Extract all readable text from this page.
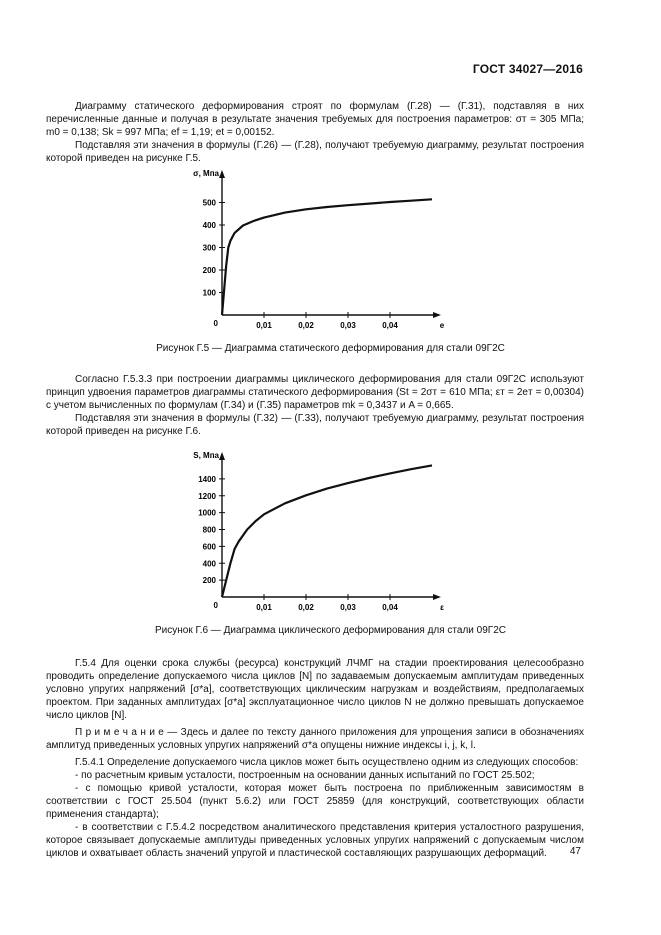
ГОСТ 34027—2016

Диаграмму статического деформирования строят по формулам (Г.28) — (Г.31), подставляя в них перечисленные данные и получая в результате значения требуемых для построения параметров: σт = 305 МПа; m0 = 0,138; Sk = 997 МПа; ef = 1,19; et = 0,00152.

Подставляя эти значения в формулы (Г.26) — (Г.28), получают требуемую диаграмму, результат построения которой приведен на рисунке Г.5.

σ, Мпа
e
0
100
200
300
400
500
0,01	0,02	0,03	0,04
Рисунок Г.5 — Диаграмма статического деформирования для стали 09Г2С

Согласно Г.5.3.3 при построении диаграммы циклического деформирования для стали 09Г2С используют принцип удвоения параметров диаграммы статического деформирования (St = 2σт = 610 МПа; εт = 2eт = 0,00304) с учетом вычисленных по формулам (Г.34) и (Г.35) параметров mk = 0,3437 и A = 0,665.

Подставляя эти значения в формулы (Г.32) — (Г.33), получают требуемую диаграмму, результат построения которой приведен на рисунке Г.6.

S, Мпа
ε
0
200
400
600
800
1000
1200
1400
0,01	0,02	0,03	0,04
Рисунок Г.6 — Диаграмма циклического деформирования для стали 09Г2С

Г.5.4 Для оценки срока службы (ресурса) конструкций ЛЧМГ на стадии проектирования целесообразно проводить определение допускаемого числа циклов [N] по задаваемым допускаемым амплитудам приведенных условно упругих напряжений [σ*a], соответствующих циклическим нагрузкам и воздействиям, предполагаемых проектом. При заданных амплитудах [σ*a] эксплуатационное число циклов N не должно превышать допускаемое число циклов [N].

П р и м е ч а н и е — Здесь и далее по тексту данного приложения для упрощения записи в обозначениях амплитуд приведенных условных упругих напряжений σ*a опущены нижние индексы i, j, k, l.

Г.5.4.1 Определение допускаемого числа циклов может быть осуществлено одним из следующих способов:

- по расчетным кривым усталости, построенным на основании данных испытаний по ГОСТ 25.502;

- с помощью кривой усталости, которая может быть построена по приближенным зависимостям в соответствии с ГОСТ 25.504 (пункт 5.6.2) или ГОСТ 25859 (для конструкций, соответствующих области применения стандарта);

- в соответствии с Г.5.4.2 посредством аналитического представления критерия усталостного разрушения, которое связывает допускаемые амплитуды приведенных условных упругих напряжений с допускаемым числом циклов и охватывает область значений упругой и пластической составляющих разрушающих деформаций.	47
